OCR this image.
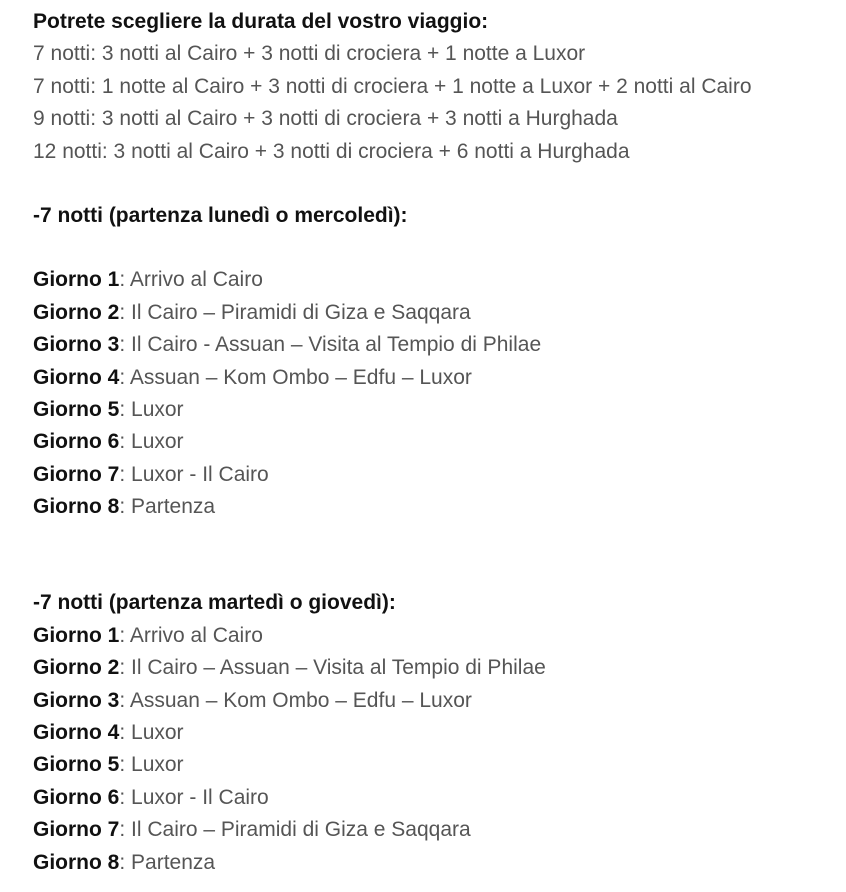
Potrete scegliere la durata del vostro viaggio:
7 notti: 3 notti al Cairo + 3 notti di crociera + 1 notte a Luxor
7 notti: 1 notte al Cairo + 3 notti di crociera + 1 notte a Luxor + 2 notti al Cairo
9 notti: 3 notti al Cairo + 3 notti di crociera + 3 notti a Hurghada
12 notti: 3 notti al Cairo + 3 notti di crociera + 6 notti a Hurghada
-7 notti (partenza lunedì o mercoledì):
Giorno 1: Arrivo al Cairo
Giorno 2: Il Cairo – Piramidi di Giza e Saqqara
Giorno 3: Il Cairo - Assuan – Visita al Tempio di Philae
Giorno 4: Assuan – Kom Ombo – Edfu – Luxor
Giorno 5: Luxor
Giorno 6: Luxor
Giorno 7: Luxor - Il Cairo
Giorno 8: Partenza
-7 notti (partenza martedì o giovedì):
Giorno 1: Arrivo al Cairo
Giorno 2: Il Cairo – Assuan – Visita al Tempio di Philae
Giorno 3: Assuan – Kom Ombo – Edfu – Luxor
Giorno 4: Luxor
Giorno 5: Luxor
Giorno 6: Luxor - Il Cairo
Giorno 7: Il Cairo – Piramidi di Giza e Saqqara
Giorno 8: Partenza
